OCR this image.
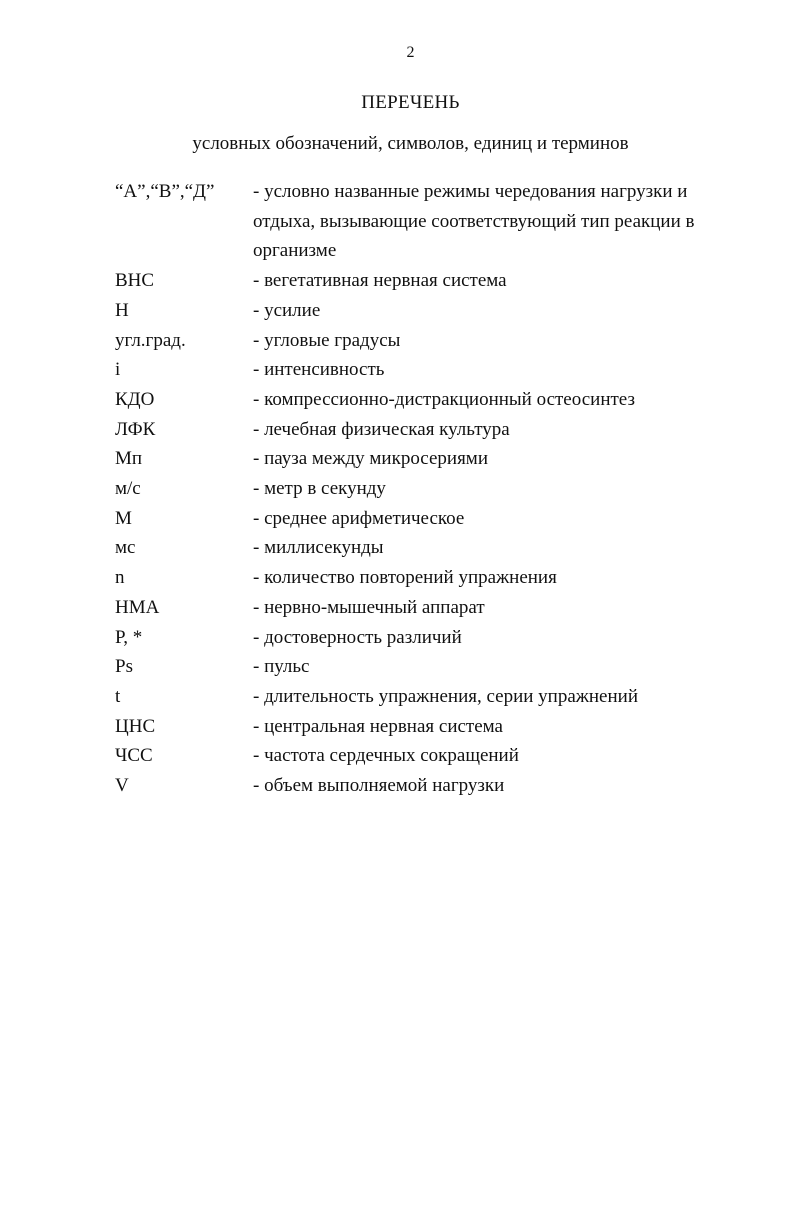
2
ПЕРЕЧЕНЬ
условных обозначений, символов, единиц и терминов
“А”,“В”,“Д”	- условно названные режимы чередования нагрузки и отдыха, вызывающие соответствующий тип реакции в организме
ВНС	- вегетативная нервная система
Н	- усилие
угл.град.	- угловые градусы
i	- интенсивность
КДО	- компрессионно-дистракционный остеосинтез
ЛФК	- лечебная физическая культура
Мп	- пауза между микросериями
м/с	- метр в секунду
М	- среднее арифметическое
мс	- миллисекунды
n	- количество повторений упражнения
НМА	- нервно-мышечный аппарат
Р, *	- достоверность различий
Ps	- пульс
t	- длительность упражнения, серии упражнений
ЦНС	- центральная нервная система
ЧСС	- частота сердечных сокращений
V	- объем выполняемой нагрузки
